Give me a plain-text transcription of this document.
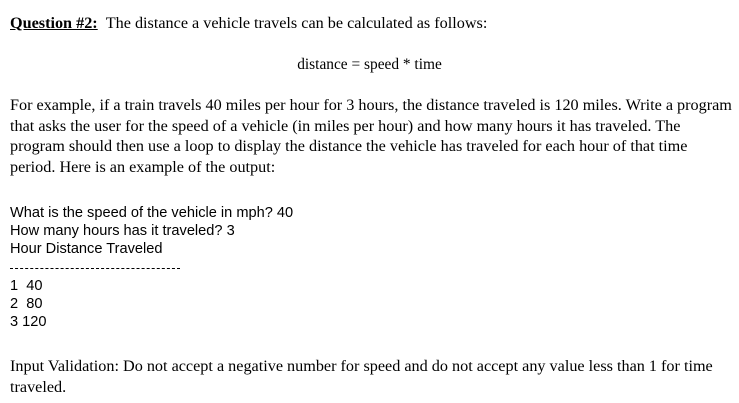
Question #2: The distance a vehicle travels can be calculated as follows:
distance = speed * time
For example, if a train travels 40 miles per hour for 3 hours, the distance traveled is 120 miles. Write a program that asks the user for the speed of a vehicle (in miles per hour) and how many hours it has traveled. The program should then use a loop to display the distance the vehicle has traveled for each hour of that time period. Here is an example of the output:
What is the speed of the vehicle in mph? 40
How many hours has it traveled? 3
Hour Distance Traveled
1  40
2  80
3 120
Input Validation: Do not accept a negative number for speed and do not accept any value less than 1 for time traveled.
